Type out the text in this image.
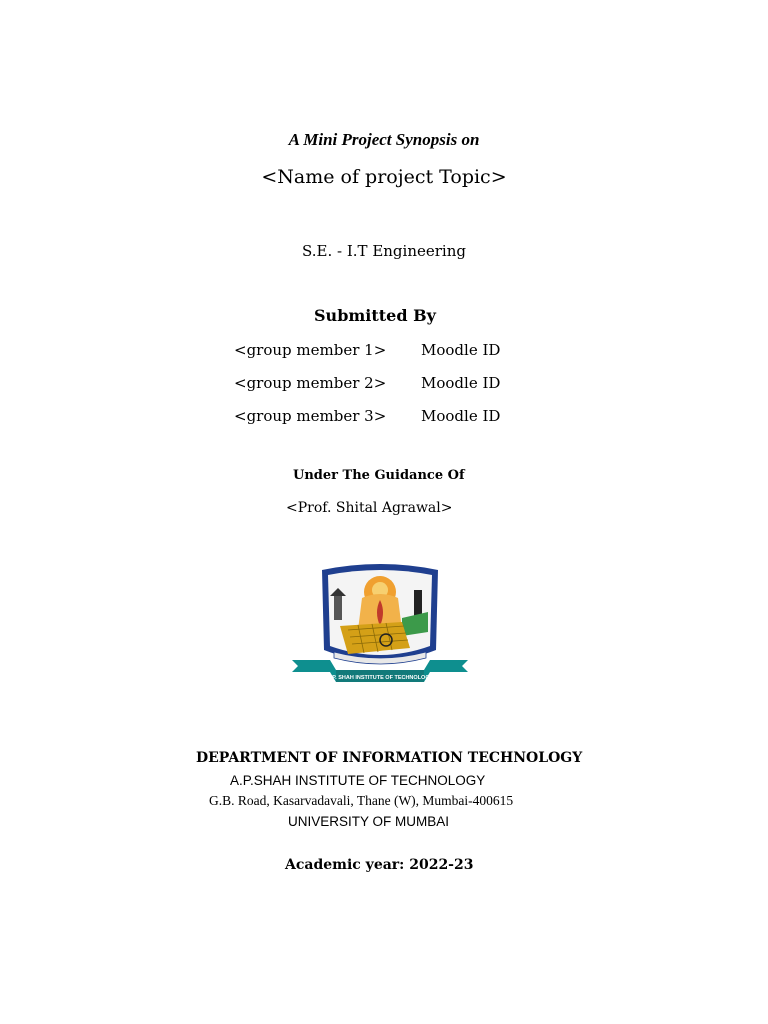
A Mini Project Synopsis on
<Name of project Topic>
S.E. - I.T Engineering
Submitted By
<group member 1> Moodle ID
<group member 2> Moodle ID
<group member 3> Moodle ID
Under The Guidance Of
<Prof. Shital Agrawal>
A.P. SHAH INSTITUTE OF TECHNOLOGY
DEPARTMENT OF INFORMATION TECHNOLOGY
A.P.SHAH INSTITUTE OF TECHNOLOGY
G.B. Road, Kasarvadavali, Thane (W), Mumbai-400615
UNIVERSITY OF MUMBAI
Academic year: 2022-23
